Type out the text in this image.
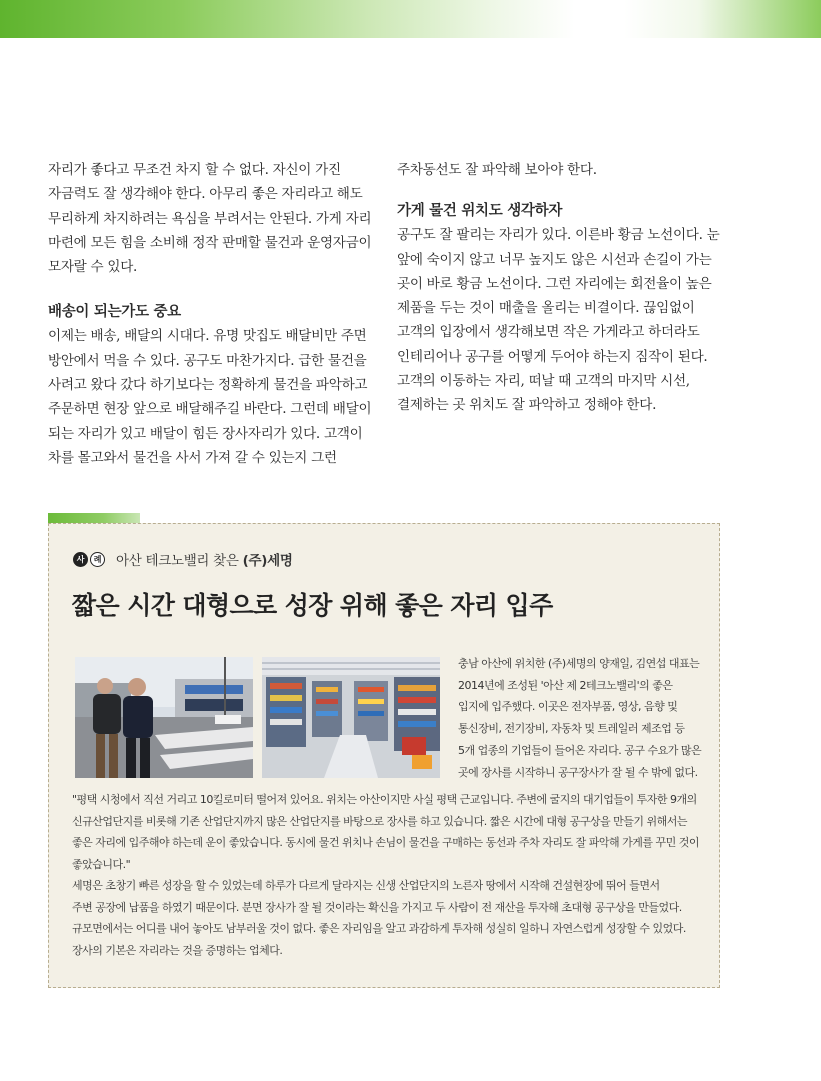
자리가 좋다고 무조건 차지 할 수 없다. 자신이 가진

자금력도 잘 생각해야 한다. 아무리 좋은 자리라고 해도

무리하게 차지하려는 욕심을 부려서는 안된다. 가게 자리

마련에 모든 힘을 소비해 정작 판매할 물건과 운영자금이

모자랄 수 있다.

배송이 되는가도 중요

이제는 배송, 배달의 시대다. 유명 맛집도 배달비만 주면

방안에서 먹을 수 있다. 공구도 마찬가지다. 급한 물건을

사려고 왔다 갔다 하기보다는 정확하게 물건을 파악하고

주문하면 현장 앞으로 배달해주길 바란다. 그런데 배달이

되는 자리가 있고 배달이 힘든 장사자리가 있다. 고객이

차를 몰고와서 물건을 사서 가져 갈 수 있는지 그런

주차동선도 잘 파악해 보아야 한다.

가게 물건 위치도 생각하자

공구도 잘 팔리는 자리가 있다. 이른바 황금 노선이다. 눈

앞에 숙이지 않고 너무 높지도 않은 시선과 손길이 가는

곳이 바로 황금 노선이다. 그런 자리에는 회전율이 높은

제품을 두는 것이 매출을 올리는 비결이다. 끊임없이

고객의 입장에서 생각해보면 작은 가게라고 하더라도

인테리어나 공구를 어떻게 두어야 하는지 짐작이 된다.

고객의 이동하는 자리, 떠날 때 고객의 마지막 시선,

결제하는 곳 위치도 잘 파악하고 정해야 한다.

사	례 아산 테크노밸리 찾은 (주)세명
짧은 시간 대형으로 성장 위해 좋은 자리 입주

충남 아산에 위치한 (주)세명의 양재일, 김연섭 대표는

2014년에 조성된 '아산 제 2테크노밸리'의 좋은

입지에 입주했다. 이곳은 전자부품, 영상, 음향 및

통신장비, 전기장비, 자동차 및 트레일러 제조업 등

5개 업종의 기업들이 들어온 자리다. 공구 수요가 많은

곳에 장사를 시작하니 공구장사가 잘 될 수 밖에 없다.

"평택 시청에서 직선 거리고 10킬로미터 떨어져 있어요. 위치는 아산이지만 사실 평택 근교입니다. 주변에 굴지의 대기업들이 투자한 9개의

신규산업단지를 비롯해 기존 산업단지까지 많은 산업단지를 바탕으로 장사를 하고 있습니다. 짧은 시간에 대형 공구상을 만들기 위해서는

좋은 자리에 입주해야 하는데 운이 좋았습니다. 동시에 물건 위치나 손님이 물건을 구매하는 동선과 주차 자리도 잘 파악해 가게를 꾸민 것이

좋았습니다."

세명은 초창기 빠른 성장을 할 수 있었는데 하루가 다르게 달라지는 신생 산업단지의 노른자 땅에서 시작해 건설현장에 뛰어 들면서

주변 공장에 납품을 하였기 때문이다. 분면 장사가 잘 될 것이라는 확신을 가지고 두 사람이 전 재산을 투자해 초대형 공구상을 만들었다.

규모면에서는 어디를 내어 놓아도 남부러울 것이 없다. 좋은 자리임을 알고 과감하게 투자해 성실히 일하니 자연스럽게 성장할 수 있었다.

장사의 기본은 자리라는 것을 증명하는 업체다.
